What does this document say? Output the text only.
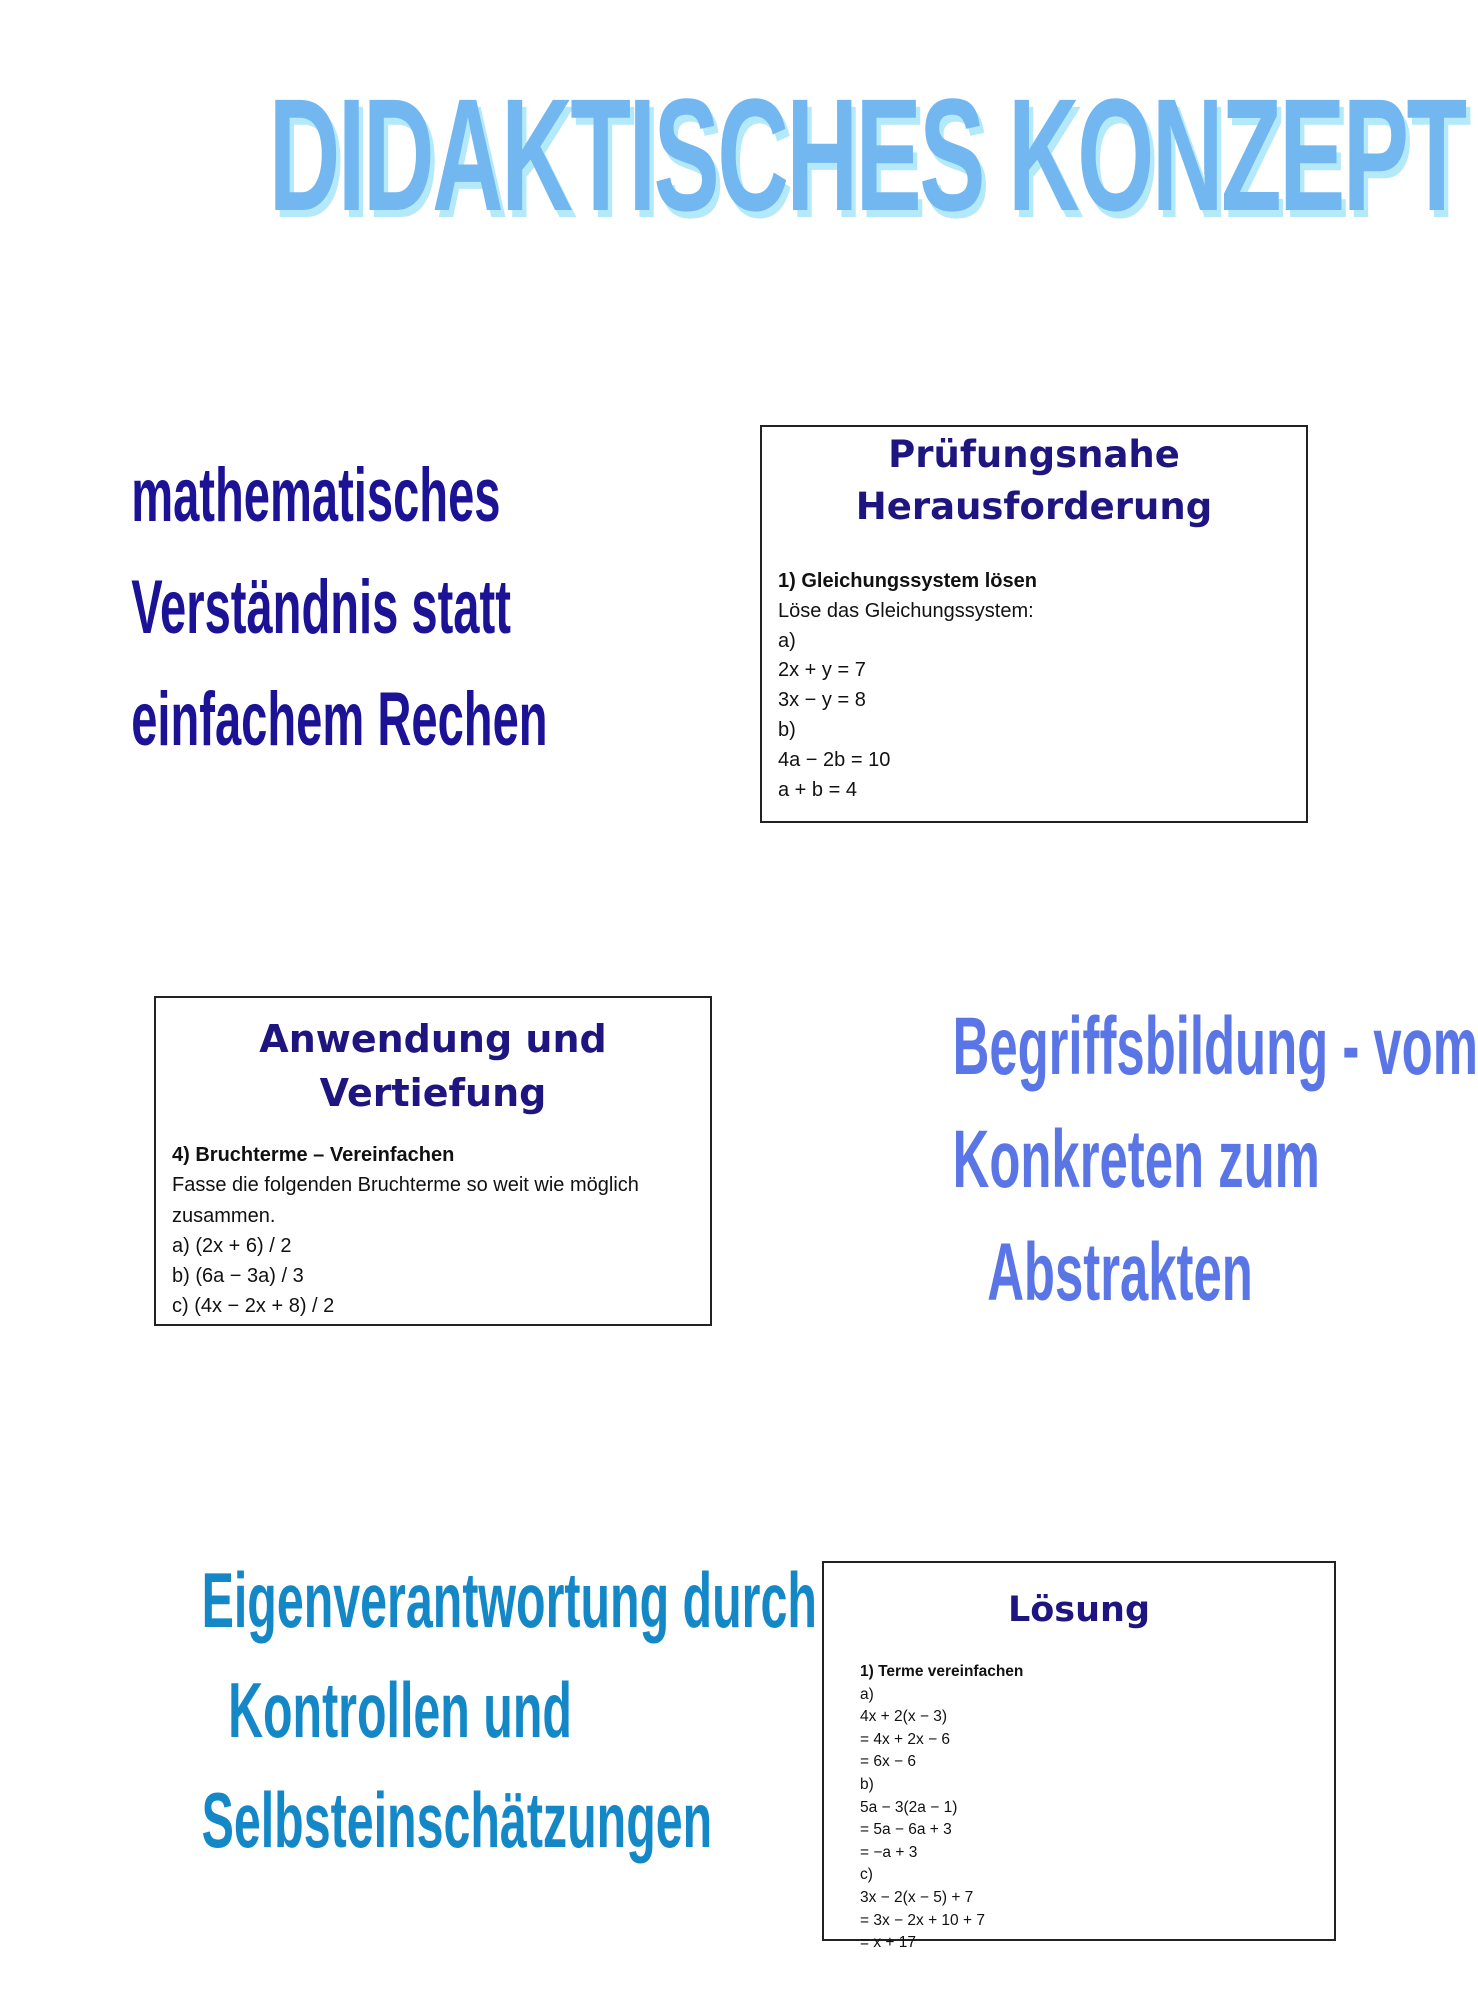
DIDAKTISCHES KONZEPT
mathematisches
Verständnis statt
einfachem Rechen
Prüfungsnahe
Herausforderung
1) Gleichungssystem lösen
Löse das Gleichungssystem:
a)
2x + y = 7
3x − y = 8
b)
4a − 2b = 10
a + b = 4
Anwendung und
Vertiefung
4) Bruchterme – Vereinfachen
Fasse die folgenden Bruchterme so weit wie möglich
zusammen.
a) (2x + 6) / 2
b) (6a − 3a) / 3
c) (4x − 2x + 8) / 2
Begriffsbildung - vom
Konkreten zum
Abstrakten
Eigenverantwortung durch
Kontrollen und
Selbsteinschätzungen
Lösung
1) Terme vereinfachen
a)
4x + 2(x − 3)
= 4x + 2x − 6
= 6x − 6
b)
5a − 3(2a − 1)
= 5a − 6a + 3
= −a + 3
c)
3x − 2(x − 5) + 7
= 3x − 2x + 10 + 7
= x + 17
